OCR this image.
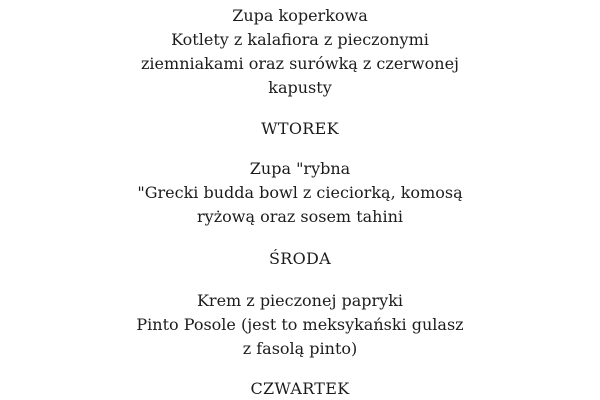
Zupa koperkowa
Kotlety z kalafiora z pieczonymi
ziemniakami oraz surówką z czerwonej
kapusty
WTOREK
Zupa "rybna
"Grecki budda bowl z cieciorką, komosą
ryżową oraz sosem tahini
ŚRODA
Krem z pieczonej papryki
Pinto Posole (jest to meksykański gulasz
z fasolą pinto)
CZWARTEK
